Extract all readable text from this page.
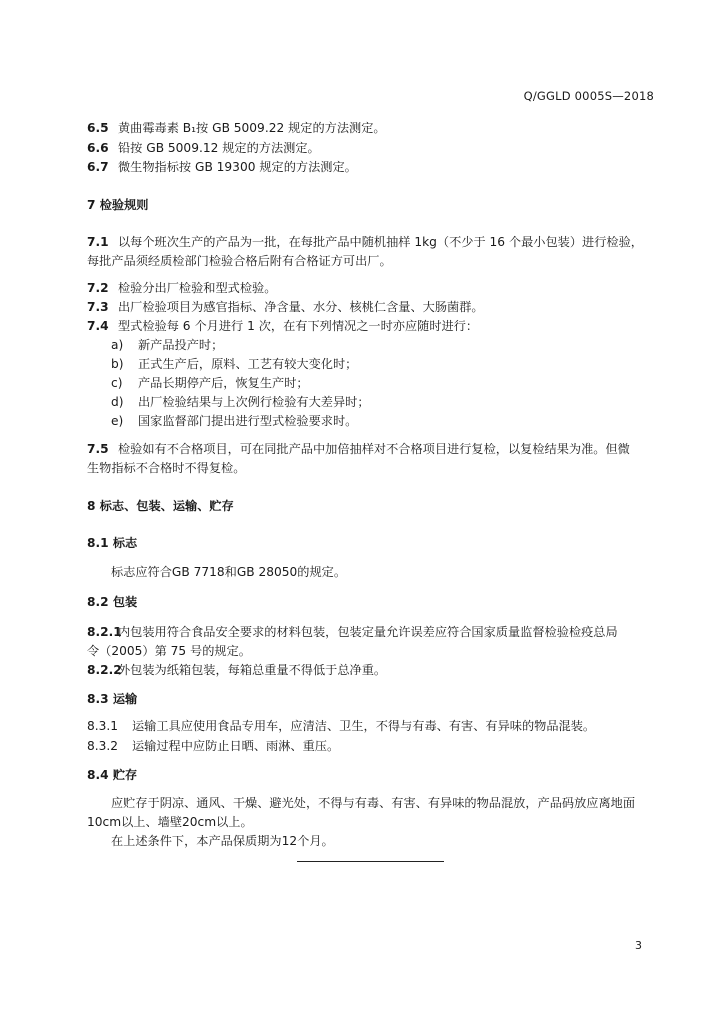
Q/GGLD 0005S—2018
6.5 黄曲霉毒素 B₁按 GB 5009.22 规定的方法测定。
6.6 铅按 GB 5009.12 规定的方法测定。
6.7 微生物指标按 GB 19300 规定的方法测定。
7 检验规则
7.1 以每个班次生产的产品为一批，在每批产品中随机抽样 1kg（不少于 16 个最小包装）进行检验，
每批产品须经质检部门检验合格后附有合格证方可出厂。
7.2 检验分出厂检验和型式检验。
7.3 出厂检验项目为感官指标、净含量、水分、核桃仁含量、大肠菌群。
7.4 型式检验每 6 个月进行 1 次，在有下列情况之一时亦应随时进行：
a) 新产品投产时；
b) 正式生产后，原料、工艺有较大变化时；
c) 产品长期停产后，恢复生产时；
d) 出厂检验结果与上次例行检验有大差异时；
e) 国家监督部门提出进行型式检验要求时。
7.5 检验如有不合格项目，可在同批产品中加倍抽样对不合格项目进行复检，以复检结果为准。但微
生物指标不合格时不得复检。
8 标志、包装、运输、贮存
8.1 标志
标志应符合GB 7718和GB 28050的规定。
8.2 包装
8.2.1内包装用符合食品安全要求的材料包装，包装定量允许误差应符合国家质量监督检验检疫总局
令（2005）第 75 号的规定。
8.2.2外包装为纸箱包装，每箱总重量不得低于总净重。
8.3 运输
8.3.1 运输工具应使用食品专用车，应清洁、卫生，不得与有毒、有害、有异味的物品混装。
8.3.2 运输过程中应防止日晒、雨淋、重压。
8.4 贮存
应贮存于阴凉、通风、干燥、避光处，不得与有毒、有害、有异味的物品混放，产品码放应离地面
10cm以上、墙壁20cm以上。
在上述条件下，本产品保质期为12个月。
3
